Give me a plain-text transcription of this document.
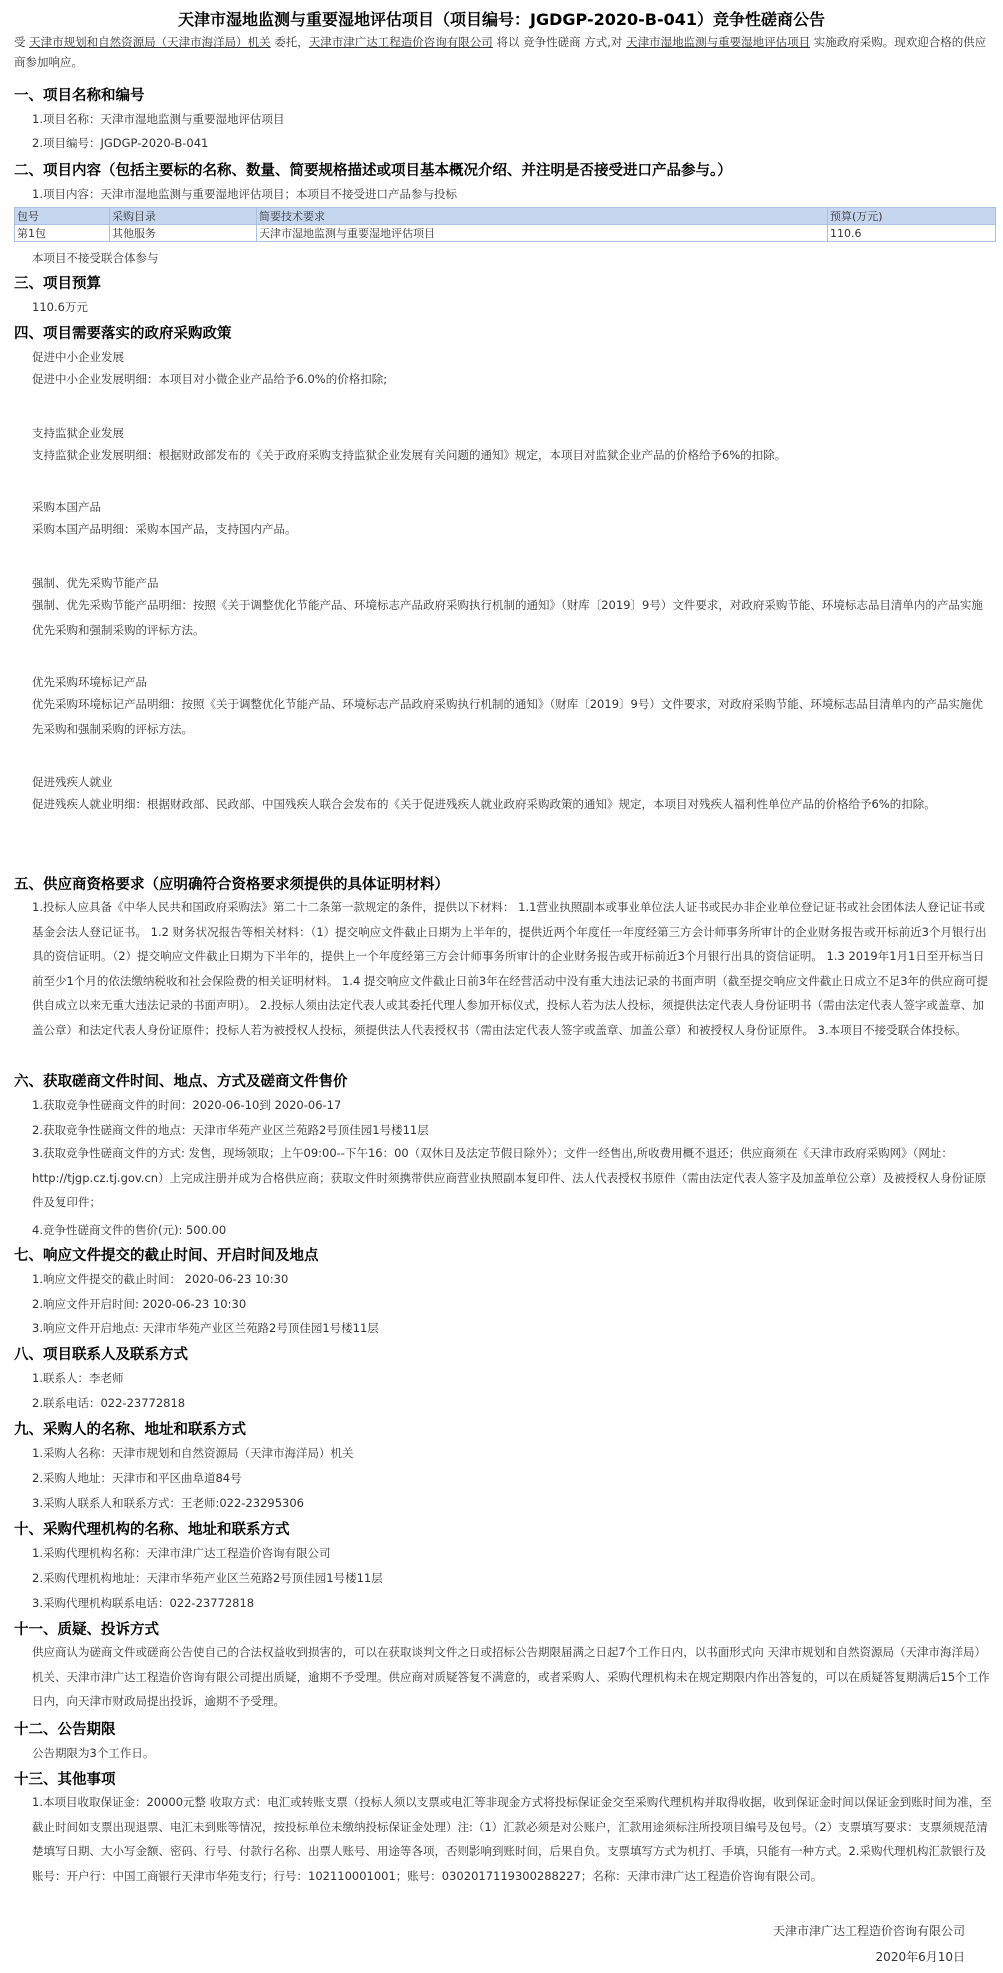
天津市湿地监测与重要湿地评估项目（项目编号：JGDGP-2020-B-041）竞争性磋商公告
受 天津市规划和自然资源局（天津市海洋局）机关 委托，天津市津广达工程造价咨询有限公司 将以 竞争性磋商 方式,对 天津市湿地监测与重要湿地评估项目 实施政府采购。现欢迎合格的供应商参加响应。
一、项目名称和编号
1.项目名称：天津市湿地监测与重要湿地评估项目
2.项目编号：JGDGP-2020-B-041
二、项目内容（包括主要标的名称、数量、简要规格描述或项目基本概况介绍、并注明是否接受进口产品参与。）
1.项目内容：天津市湿地监测与重要湿地评估项目；本项目不接受进口产品参与投标
包号	采购目录	简要技术要求	预算(万元)
第1包	其他服务	天津市湿地监测与重要湿地评估项目	110.6
本项目不接受联合体参与
三、项目预算
110.6万元
四、项目需要落实的政府采购政策
促进中小企业发展
促进中小企业发展明细：本项目对小微企业产品给予6.0%的价格扣除;
支持监狱企业发展
支持监狱企业发展明细：根据财政部发布的《关于政府采购支持监狱企业发展有关问题的通知》规定，本项目对监狱企业产品的价格给予6%的扣除。
采购本国产品
采购本国产品明细：采购本国产品，支持国内产品。
强制、优先采购节能产品
强制、优先采购节能产品明细：按照《关于调整优化节能产品、环境标志产品政府采购执行机制的通知》（财库〔2019〕9号）文件要求，对政府采购节能、环境标志品目清单内的产品实施优先采购和强制采购的评标方法。
优先采购环境标记产品
优先采购环境标记产品明细：按照《关于调整优化节能产品、环境标志产品政府采购执行机制的通知》（财库〔2019〕9号）文件要求，对政府采购节能、环境标志品目清单内的产品实施优先采购和强制采购的评标方法。
促进残疾人就业
促进残疾人就业明细：根据财政部、民政部、中国残疾人联合会发布的《关于促进残疾人就业政府采购政策的通知》规定，本项目对残疾人福利性单位产品的价格给予6%的扣除。
五、供应商资格要求（应明确符合资格要求须提供的具体证明材料）
1.投标人应具备《中华人民共和国政府采购法》第二十二条第一款规定的条件，提供以下材料： 1.1营业执照副本或事业单位法人证书或民办非企业单位登记证书或社会团体法人登记证书或基金会法人登记证书。 1.2 财务状况报告等相关材料：（1）提交响应文件截止日期为上半年的，提供近两个年度任一年度经第三方会计师事务所审计的企业财务报告或开标前近3个月银行出具的资信证明。（2）提交响应文件截止日期为下半年的，提供上一个年度经第三方会计师事务所审计的企业财务报告或开标前近3个月银行出具的资信证明。 1.3 2019年1月1日至开标当日前至少1个月的依法缴纳税收和社会保险费的相关证明材料。 1.4 提交响应文件截止日前3年在经营活动中没有重大违法记录的书面声明（截至提交响应文件截止日成立不足3年的供应商可提供自成立以来无重大违法记录的书面声明）。 2.投标人须由法定代表人或其委托代理人参加开标仪式，投标人若为法人投标，须提供法定代表人身份证明书（需由法定代表人签字或盖章、加盖公章）和法定代表人身份证原件；投标人若为被授权人投标，须提供法人代表授权书（需由法定代表人签字或盖章、加盖公章）和被授权人身份证原件。 3.本项目不接受联合体投标。
六、获取磋商文件时间、地点、方式及磋商文件售价
1.获取竞争性磋商文件的时间：2020-06-10到 2020-06-17
2.获取竞争性磋商文件的地点：天津市华苑产业区兰苑路2号顶佳园1号楼11层
3.获取竞争性磋商文件的方式: 发售，现场领取；上午09:00--下午16：00（双休日及法定节假日除外）；文件一经售出,所收费用概不退还；供应商须在《天津市政府采购网》（网址：http://tjgp.cz.tj.gov.cn）上完成注册并成为合格供应商；获取文件时须携带供应商营业执照副本复印件、法人代表授权书原件（需由法定代表人签字及加盖单位公章）及被授权人身份证原件及复印件；
4.竞争性磋商文件的售价(元): 500.00
七、响应文件提交的截止时间、开启时间及地点
1.响应文件提交的截止时间： 2020-06-23 10:30
2.响应文件开启时间: 2020-06-23 10:30
3.响应文件开启地点: 天津市华苑产业区兰苑路2号顶佳园1号楼11层
八、项目联系人及联系方式
1.联系人：李老师
2.联系电话：022-23772818
九、采购人的名称、地址和联系方式
1.采购人名称：天津市规划和自然资源局（天津市海洋局）机关
2.采购人地址：天津市和平区曲阜道84号
3.采购人联系人和联系方式：王老师:022-23295306
十、采购代理机构的名称、地址和联系方式
1.采购代理机构名称：天津市津广达工程造价咨询有限公司
2.采购代理机构地址：天津市华苑产业区兰苑路2号顶佳园1号楼11层
3.采购代理机构联系电话：022-23772818
十一、质疑、投诉方式
供应商认为磋商文件或磋商公告使自己的合法权益收到损害的，可以在获取谈判文件之日或招标公告期限届满之日起7个工作日内，以书面形式向 天津市规划和自然资源局（天津市海洋局）机关、天津市津广达工程造价咨询有限公司提出质疑，逾期不予受理。供应商对质疑答复不满意的，或者采购人、采购代理机构未在规定期限内作出答复的，可以在质疑答复期满后15个工作日内，向天津市财政局提出投诉，逾期不予受理。
十二、公告期限
公告期限为3个工作日。
十三、其他事项
1.本项目收取保证金：20000元整 收取方式：电汇或转账支票（投标人须以支票或电汇等非现金方式将投标保证金交至采购代理机构并取得收据，收到保证金时间以保证金到账时间为准，至截止时间如支票出现退票、电汇未到账等情况，按投标单位未缴纳投标保证金处理）注:（1）汇款必须是对公账户，汇款用途须标注所投项目编号及包号。（2）支票填写要求：支票须规范清楚填写日期、大小写金额、密码、行号、付款行名称、出票人账号、用途等各项，否则影响到账时间，后果自负。支票填写方式为机打、手填，只能有一种方式。2.采购代理机构汇款银行及账号：开户行：中国工商银行天津市华苑支行；行号：102110001001；账号：0302017119300288227；名称：天津市津广达工程造价咨询有限公司。
天津市津广达工程造价咨询有限公司
2020年6月10日
